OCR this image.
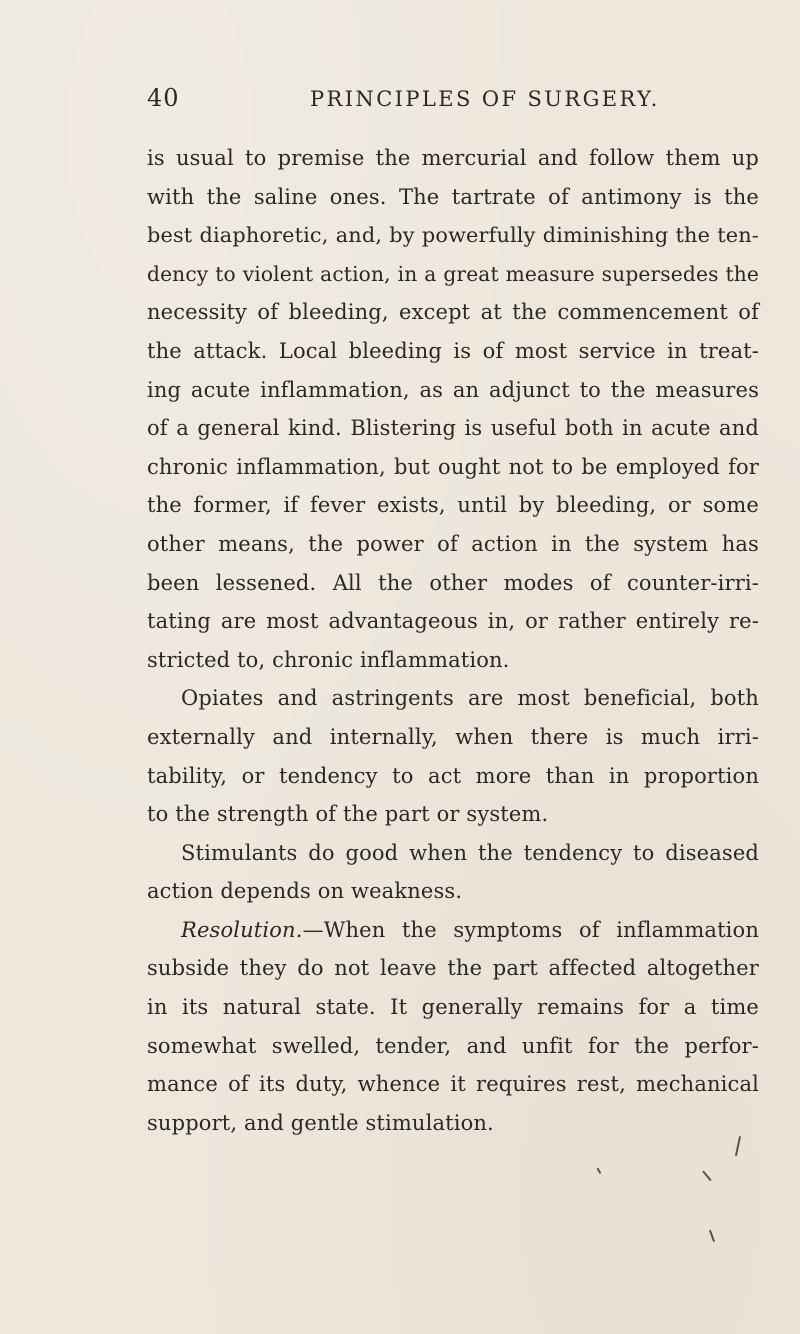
40	PRINCIPLES OF SURGERY.
is usual to premise the mercurial and follow them up
with the saline ones. The tartrate of antimony is the
best diaphoretic, and, by powerfully diminishing the ten-
dency to violent action, in a great measure supersedes the
necessity of bleeding, except at the commencement of
the attack. Local bleeding is of most service in treat-
ing acute inflammation, as an adjunct to the measures
of a general kind. Blistering is useful both in acute and
chronic inflammation, but ought not to be employed for
the former, if fever exists, until by bleeding, or some
other means, the power of action in the system has
been lessened. All the other modes of counter-irri-
tating are most advantageous in, or rather entirely re-
stricted to, chronic inflammation.
Opiates and astringents are most beneficial, both
externally and internally, when there is much irri-
tability, or tendency to act more than in proportion
to the strength of the part or system.
Stimulants do good when the tendency to diseased
action depends on weakness.
Resolution.—When the symptoms of inflammation
subside they do not leave the part affected altogether
in its natural state. It generally remains for a time
somewhat swelled, tender, and unfit for the perfor-
mance of its duty, whence it requires rest, mechanical
support, and gentle stimulation.
